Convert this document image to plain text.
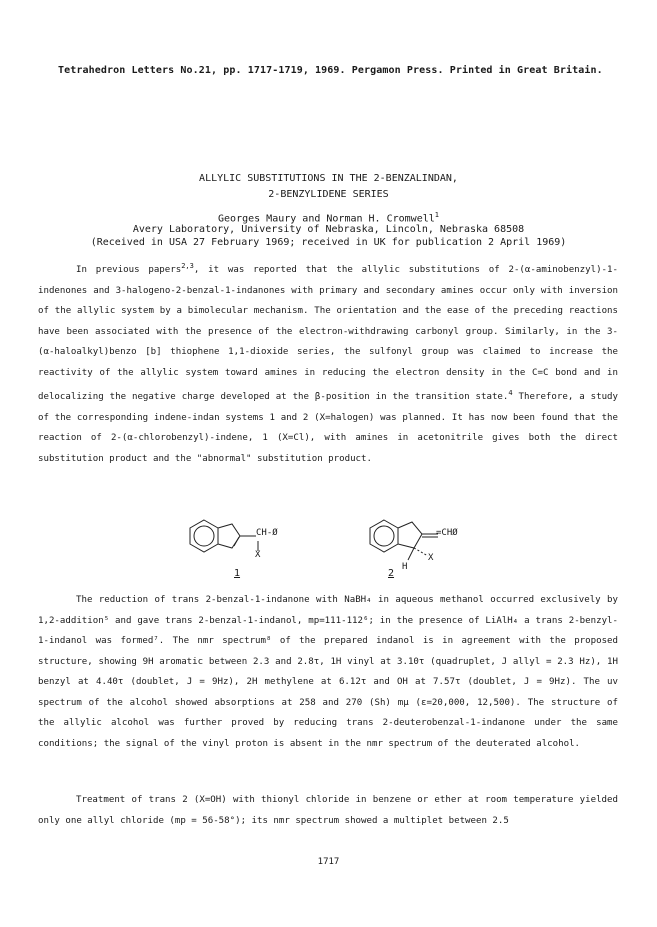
Tetrahedron Letters No.21, pp. 1717-1719, 1969. Pergamon Press. Printed in Great Britain.
ALLYLIC SUBSTITUTIONS IN THE 2-BENZALINDAN,
2-BENZYLIDENE SERIES
Georges Maury and Norman H. Cromwell$^1$
Avery Laboratory, University of Nebraska, Lincoln, Nebraska 68508
(Received in USA 27 February 1969; received in UK for publication 2 April 1969)

In previous papers$^{2,3}$, it was reported that the allylic substitutions of 2-(α-aminobenzyl)-1-indenones and 3-halogeno-2-benzal-1-indanones with primary and secondary amines occur only with inversion of the allylic system by a bimolecular mechanism. The orientation and the ease of the preceding reactions have been associated with the presence of the electron-withdrawing carbonyl group. Similarly, in the 3-(α-haloalkyl)benzo [b] thiophene 1,1-dioxide series, the sulfonyl group was claimed to increase the reactivity of the allylic system toward amines in reducing the electron density in the C=C bond and in delocalizing the negative charge developed at the β-position in the transition state.$^4$ Therefore, a study of the corresponding indene-indan systems 1 and 2 (X=halogen) was planned. It has now been found that the reaction of 2-(α-chlorobenzyl)-indene, 1 (X=Cl), with amines in acetonitrile gives both the direct substitution product and the "abnormal" substitution product.

CH-Ø
X
1
=CHØ
X
H
2

The reduction of trans 2-benzal-1-indanone with NaBH₄ in aqueous methanol occurred exclusively by 1,2-addition⁵ and gave trans 2-benzal-1-indanol, mp=111-112⁶; in the presence of LiAlH₄ a trans 2-benzyl-1-indanol was formed⁷. The nmr spectrum⁸ of the prepared indanol is in agreement with the proposed structure, showing 9H aromatic between 2.3 and 2.8τ, 1H vinyl at 3.10τ (quadruplet, J allyl = 2.3 Hz), 1H benzyl at 4.40τ (doublet, J = 9Hz), 2H methylene at 6.12τ and OH at 7.57τ (doublet, J = 9Hz). The uv spectrum of the alcohol showed absorptions at 258 and 270 (Sh) mμ (ε=20,000, 12,500). The structure of the allylic alcohol was further proved by reducing trans 2-deuterobenzal-1-indanone under the same conditions; the signal of the vinyl proton is absent in the nmr spectrum of the deuterated alcohol.

Treatment of trans 2 (X=OH) with thionyl chloride in benzene or ether at room temperature yielded only one allyl chloride (mp = 56-58°); its nmr spectrum showed a multiplet between 2.5

1717
